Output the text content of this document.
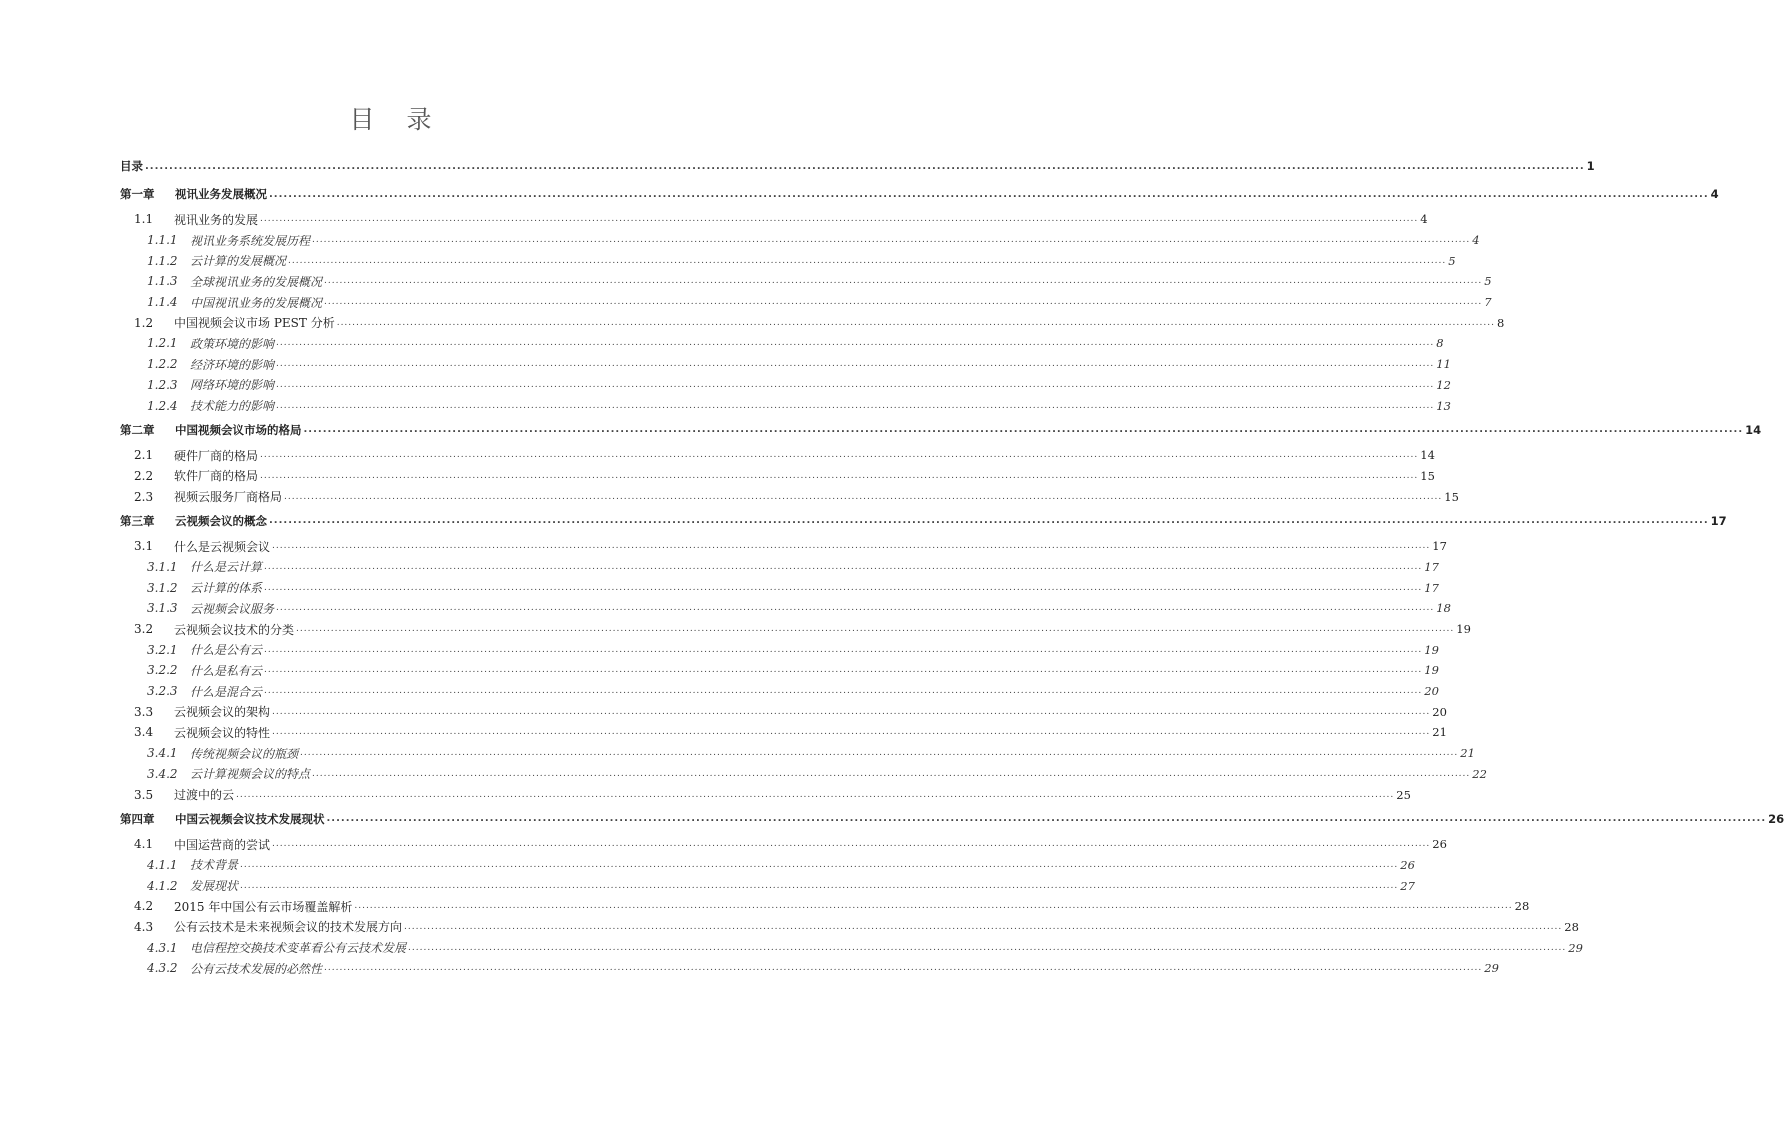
目 录
目录 ............................................................................................................................................................................................................................................................................................................ 1
第一章	视讯业务发展概况 ............................................................................................................................................................................................................................................................................................................ 4
1.1	视讯业务的发展 ............................................................................................................................................................................................................................................................................................................ 4
1.1.1	视讯业务系统发展历程 ............................................................................................................................................................................................................................................................................................................ 4
1.1.2	云计算的发展概况 ............................................................................................................................................................................................................................................................................................................ 5
1.1.3	全球视讯业务的发展概况 ............................................................................................................................................................................................................................................................................................................ 5
1.1.4	中国视讯业务的发展概况 ............................................................................................................................................................................................................................................................................................................ 7
1.2	中国视频会议市场 PEST 分析 ............................................................................................................................................................................................................................................................................................................ 8
1.2.1	政策环境的影响 ............................................................................................................................................................................................................................................................................................................ 8
1.2.2	经济环境的影响 ............................................................................................................................................................................................................................................................................................................ 11
1.2.3	网络环境的影响 ............................................................................................................................................................................................................................................................................................................ 12
1.2.4	技术能力的影响 ............................................................................................................................................................................................................................................................................................................ 13
第二章	中国视频会议市场的格局 ............................................................................................................................................................................................................................................................................................................ 14
2.1	硬件厂商的格局 ............................................................................................................................................................................................................................................................................................................ 14
2.2	软件厂商的格局 ............................................................................................................................................................................................................................................................................................................ 15
2.3	视频云服务厂商格局 ............................................................................................................................................................................................................................................................................................................ 15
第三章	云视频会议的概念 ............................................................................................................................................................................................................................................................................................................ 17
3.1	什么是云视频会议 ............................................................................................................................................................................................................................................................................................................ 17
3.1.1	什么是云计算 ............................................................................................................................................................................................................................................................................................................ 17
3.1.2	云计算的体系 ............................................................................................................................................................................................................................................................................................................ 17
3.1.3	云视频会议服务 ............................................................................................................................................................................................................................................................................................................ 18
3.2	云视频会议技术的分类 ............................................................................................................................................................................................................................................................................................................ 19
3.2.1	什么是公有云 ............................................................................................................................................................................................................................................................................................................ 19
3.2.2	什么是私有云 ............................................................................................................................................................................................................................................................................................................ 19
3.2.3	什么是混合云 ............................................................................................................................................................................................................................................................................................................ 20
3.3	云视频会议的架构 ............................................................................................................................................................................................................................................................................................................ 20
3.4	云视频会议的特性 ............................................................................................................................................................................................................................................................................................................ 21
3.4.1	传统视频会议的瓶颈 ............................................................................................................................................................................................................................................................................................................ 21
3.4.2	云计算视频会议的特点 ............................................................................................................................................................................................................................................................................................................ 22
3.5	过渡中的云 ............................................................................................................................................................................................................................................................................................................ 25
第四章	中国云视频会议技术发展现状 ............................................................................................................................................................................................................................................................................................................ 26
4.1	中国运营商的尝试 ............................................................................................................................................................................................................................................................................................................ 26
4.1.1	技术背景 ............................................................................................................................................................................................................................................................................................................ 26
4.1.2	发展现状 ............................................................................................................................................................................................................................................................................................................ 27
4.2	2015 年中国公有云市场覆盖解析 ............................................................................................................................................................................................................................................................................................................ 28
4.3	公有云技术是未来视频会议的技术发展方向 ............................................................................................................................................................................................................................................................................................................ 28
4.3.1	电信程控交换技术变革看公有云技术发展 ............................................................................................................................................................................................................................................................................................................ 29
4.3.2	公有云技术发展的必然性 ............................................................................................................................................................................................................................................................................................................ 29
